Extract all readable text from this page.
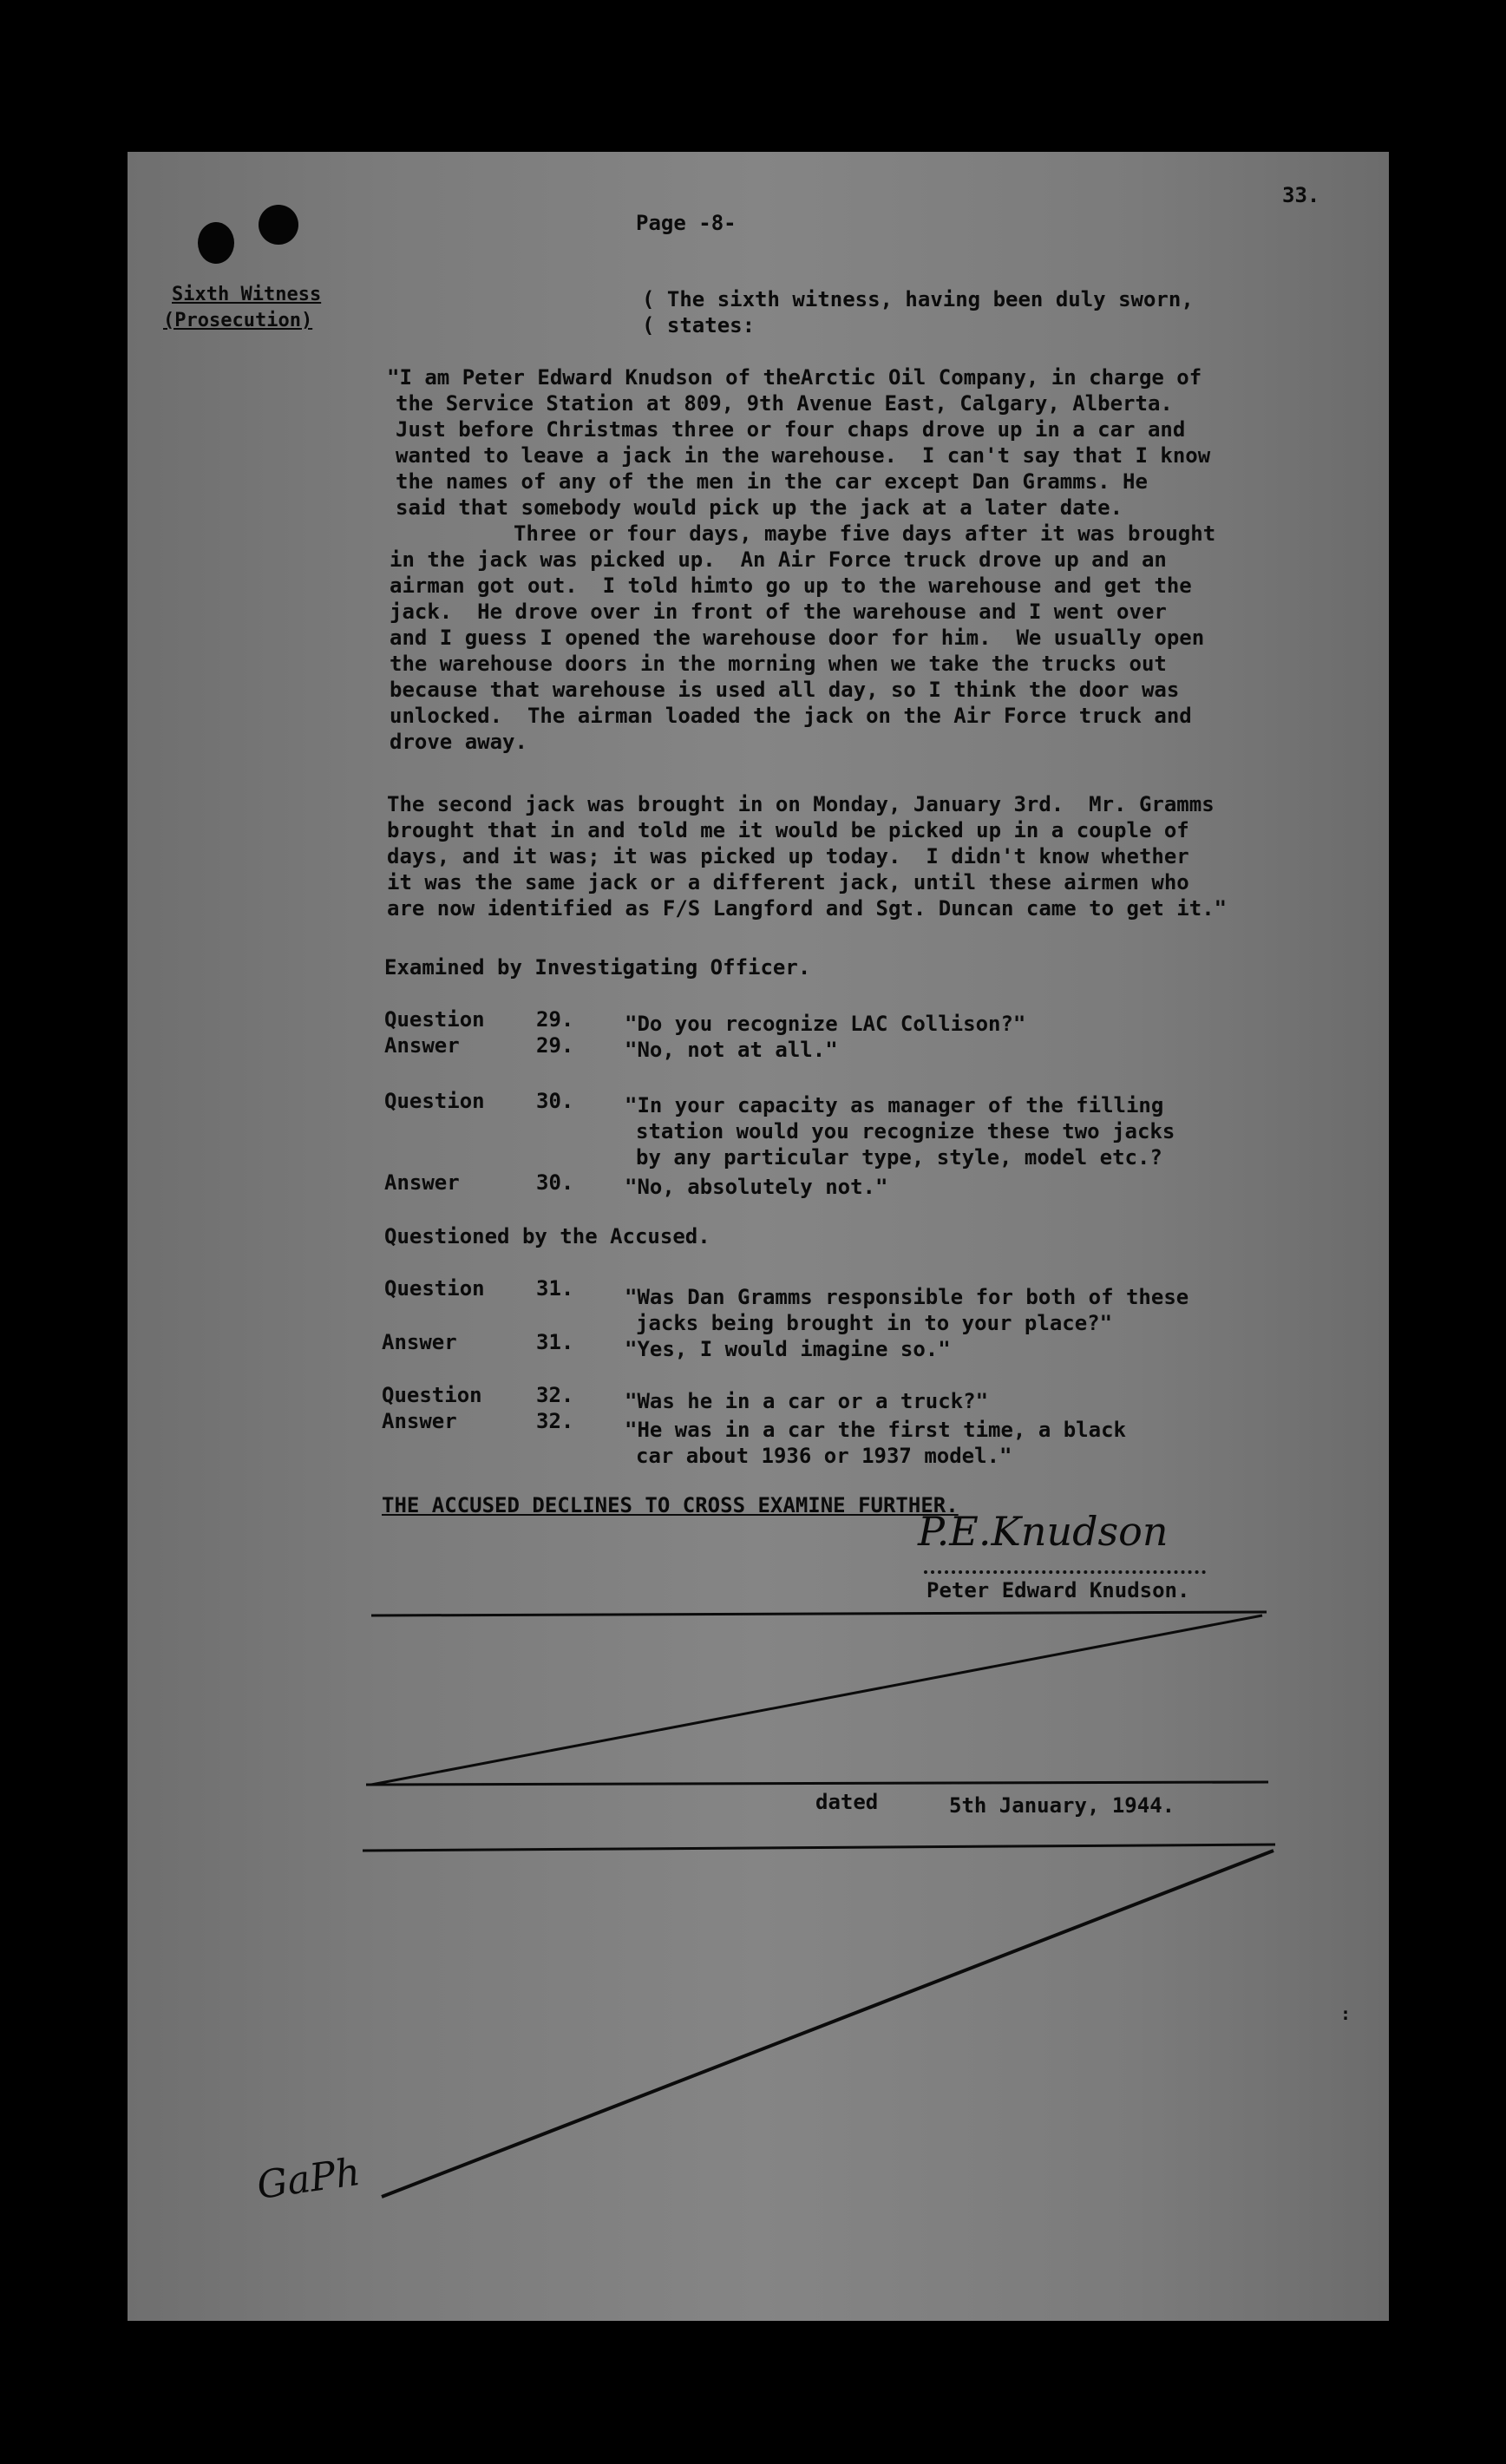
Page -8-
33.
Sixth Witness
(Prosecution)
( The sixth witness, having been duly sworn,
( states:
"I am Peter Edward Knudson of theArctic Oil Company, in charge of
the Service Station at 809, 9th Avenue East, Calgary, Alberta.
Just before Christmas three or four chaps drove up in a car and
wanted to leave a jack in the warehouse.  I can't say that I know
the names of any of the men in the car except Dan Gramms. He
said that somebody would pick up the jack at a later date.
Three or four days, maybe five days after it was brought
in the jack was picked up.  An Air Force truck drove up and an
airman got out.  I told himto go up to the warehouse and get the
jack.  He drove over in front of the warehouse and I went over
and I guess I opened the warehouse door for him.  We usually open
the warehouse doors in the morning when we take the trucks out
because that warehouse is used all day, so I think the door was
unlocked.  The airman loaded the jack on the Air Force truck and
drove away.
The second jack was brought in on Monday, January 3rd.  Mr. Gramms
brought that in and told me it would be picked up in a couple of
days, and it was; it was picked up today.  I didn't know whether
it was the same jack or a different jack, until these airmen who
are now identified as F/S Langford and Sgt. Duncan came to get it."
Examined by Investigating Officer.
Question 29. "Do you recognize LAC Collison?"
Answer	29. "No, not at all."
Question 30. "In your capacity as manager of the filling
station would you recognize these two jacks
by any particular type, style, model etc.?
Answer	30. "No, absolutely not."
Questioned by the Accused.
Question 31. "Was Dan Gramms responsible for both of these
jacks being brought in to your place?"
Answer	31. "Yes, I would imagine so."
Question	32. "Was he in a car or a truck?"
Answer	32. "He was in a car the first time, a black
car about 1936 or 1937 model."
THE ACCUSED DECLINES TO CROSS EXAMINE FURTHER.
P.E.Knudson
Peter Edward Knudson.
dated	5th January, 1944.
GaPh
:
